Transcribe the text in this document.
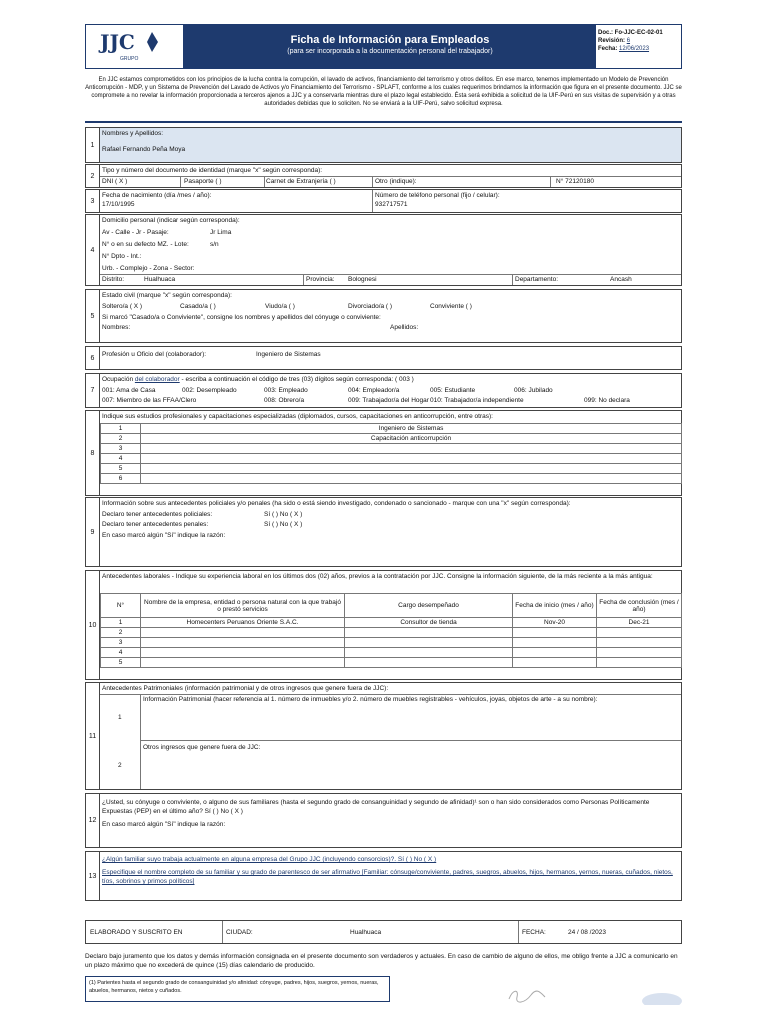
JJC
GRUPO
Ficha de Información para Empleados
(para ser incorporada a la documentación personal del trabajador)
Doc.: Fo-JJC-EC-02-01
Revisión: 6
Fecha: 12/06/2023
En JJC estamos comprometidos con los principios de la lucha contra la corrupción, el lavado de activos, financiamiento del terrorismo y otros delitos. En ese marco, tenemos implementado un Modelo de Prevención Anticorrupción - MDP, y un Sistema de Prevención del Lavado de Activos y/o Financiamiento del Terrorismo - SPLAFT, conforme a los cuales requerimos brindarnos la información que figura en el presente documento. JJC se compromete a no revelar la información proporcionada a terceros ajenos a JJC y a conservarla mientras dure el plazo legal establecido. Ésta será exhibida a solicitud de la UIF-Perú en sus visitas de supervisión y a otras autoridades debidas que lo soliciten. No se enviará a la UIF-Perú, salvo solicitud expresa.
1
Nombres y Apellidos:
Rafael Fernando Peña Moya
2
Tipo y número del documento de identidad (marque "x" según corresponda):
DNI ( X )	Pasaporte ( )	Carnet de Extranjería ( )	Otro (indique):	N° 72120180
3
Fecha de nacimiento (día /mes / año):
17/10/1995
Número de teléfono personal (fijo / celular):
932717571
4
Domicilio personal (indicar según corresponda):
Av - Calle - Jr - Pasaje:	Jr Lima
N° o en su defecto MZ. - Lote:	s/n
N° Dpto - Int.:
Urb. - Complejo - Zona - Sector:
Distrito:	Hualhuaca	Provincia: Bolognesi	Departamento:	Ancash
5
Estado civil (marque "x" según corresponda):
Soltero/a ( X )	Casado/a ( )	Viudo/a ( )	Divorciado/a ( )	Conviviente ( )
Si marcó "Casado/a o Conviviente", consigne los nombres y apellidos del cónyuge o conviviente:
Nombres:	Apellidos:
6	Profesión u Oficio del (colaborador):	Ingeniero de Sistemas
7
Ocupación del colaborador - escriba a continuación el código de tres (03) dígitos según corresponda: ( 003 )
001: Ama de Casa	002: Desempleado	003: Empleado	004: Empleador/a	005: Estudiante	006: Jubilado
007: Miembro de las FFAA/Clero	008: Obrero/a	009: Trabajador/a del Hogar 010: Trabajador/a independiente	099: No declara
8
Indique sus estudios profesionales y capacitaciones especializadas (diplomados, cursos, capacitaciones en anticorrupción, entre otras):
1	Ingeniero de Sistemas
2	Capacitación anticorrupción
3	
4	
5	
6	
9
Información sobre sus antecedentes policiales y/o penales (ha sido o está siendo investigado, condenado o sancionado - marque con una "x" según corresponda):
Declaro tener antecedentes policiales:	Sí ( ) No ( X )
Declaro tener antecedentes penales:	Sí ( ) No ( X )
En caso marcó algún "Sí" indique la razón:
10
Antecedentes laborales - Indique su experiencia laboral en los últimos dos (02) años, previos a la contratación por JJC. Consigne la información siguiente, de la más reciente a la más antigua:
N°	Nombre de la empresa, entidad o persona natural con la que trabajó o prestó servicios	Cargo desempeñado	Fecha de inicio (mes / año)	Fecha de conclusión (mes / año)
1	Homecenters Peruanos Oriente S.A.C.	Consultor de tienda	Nov-20	Dec-21
2				
3				
4				
5				
11
Antecedentes Patrimoniales (información patrimonial y de otros ingresos que genere fuera de JJC):
1
Información Patrimonial (hacer referencia al 1. número de inmuebles y/o 2. número de muebles registrables - vehículos, joyas, objetos de arte - a su nombre):
2
Otros ingresos que genere fuera de JJC:
12
¿Usted, su cónyuge o conviviente, o alguno de sus familiares (hasta el segundo grado de consanguinidad y segundo de afinidad)¹ son o han sido considerados como Personas Políticamente Expuestas (PEP) en el último año? Sí ( ) No ( X )
En caso marcó algún "Sí" indique la razón:
13
¿Algún familiar suyo trabaja actualmente en alguna empresa del Grupo JJC (incluyendo consorcios)?. Sí ( ) No ( X )
Especifique el nombre completo de su familiar y su grado de parentesco de ser afirmativo [Familiar: cónsuge/conviviente, padres, suegros, abuelos, hijos, hermanos, yernos, nueras, cuñados, nietos, tíos, sobrinos y primos políticos]
ELABORADO Y SUSCRITO EN	CIUDAD:	Hualhuaca	FECHA:	24 / 08 /2023
Declaro bajo juramento que los datos y demás información consignada en el presente documento son verdaderos y actuales. En caso de cambio de alguno de ellos, me obligo frente a JJC a comunicarlo en un plazo máximo que no excederá de quince (15) días calendario de producido.
(1) Parientes hasta el segundo grado de consanguinidad y/o afinidad: cónyuge, padres, hijos, suegros, yernos, nueras, abuelos, hermanos, nietos y cuñados.
